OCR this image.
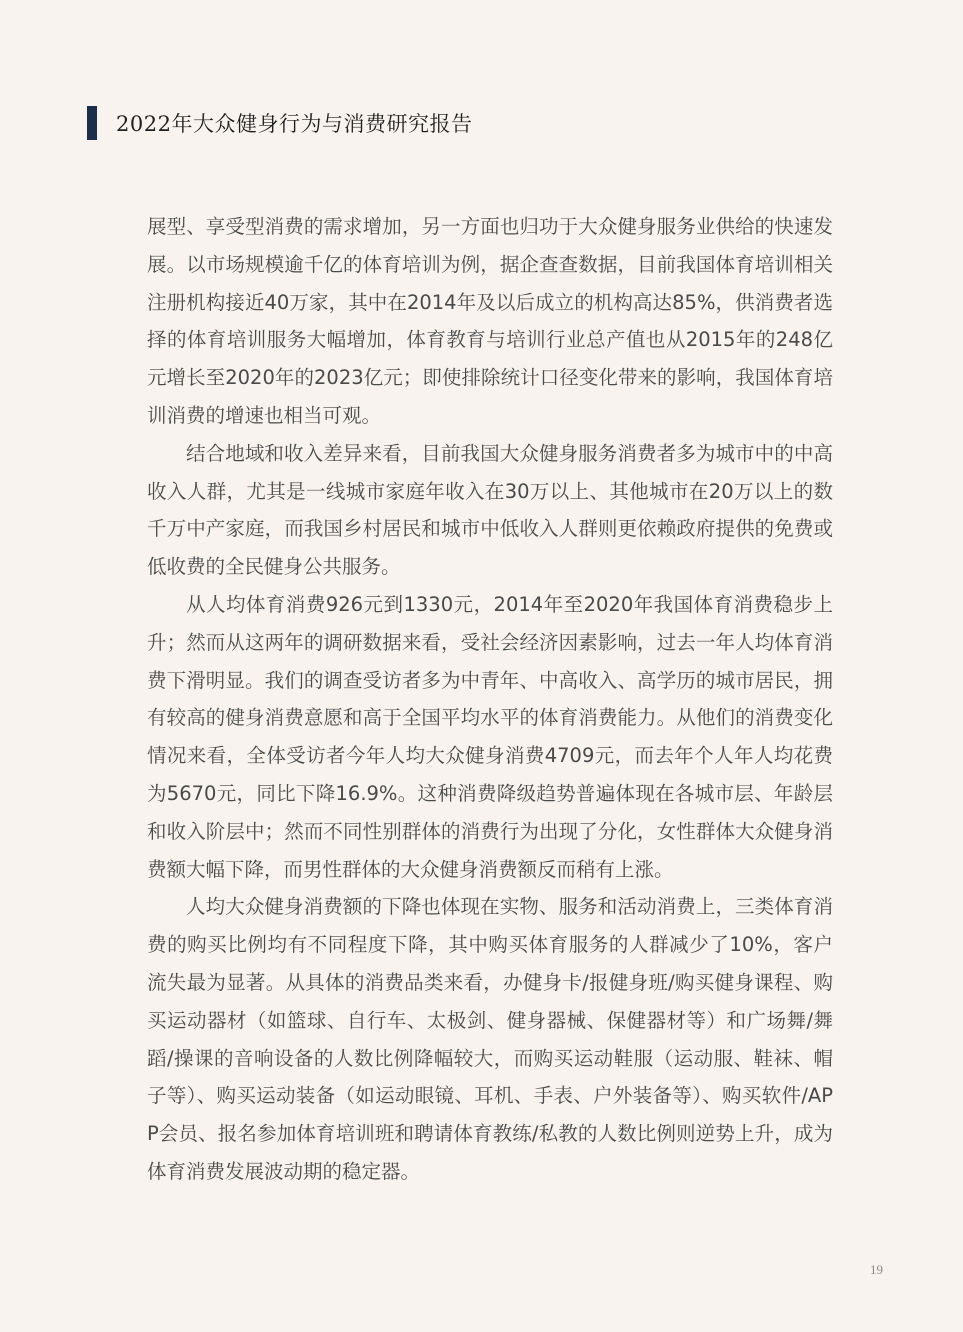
2022年大众健身行为与消费研究报告

展型、享受型消费的需求增加，另一方面也归功于大众健身服务业供给的快速发展。以市场规模逾千亿的体育培训为例，据企查查数据，目前我国体育培训相关注册机构接近40万家，其中在2014年及以后成立的机构高达85%，供消费者选择的体育培训服务大幅增加，体育教育与培训行业总产值也从2015年的248亿元增长至2020年的2023亿元；即使排除统计口径变化带来的影响，我国体育培训消费的增速也相当可观。

结合地域和收入差异来看，目前我国大众健身服务消费者多为城市中的中高收入人群，尤其是一线城市家庭年收入在30万以上、其他城市在20万以上的数千万中产家庭，而我国乡村居民和城市中低收入人群则更依赖政府提供的免费或低收费的全民健身公共服务。

从人均体育消费926元到1330元，2014年至2020年我国体育消费稳步上升；然而从这两年的调研数据来看，受社会经济因素影响，过去一年人均体育消费下滑明显。我们的调查受访者多为中青年、中高收入、高学历的城市居民，拥有较高的健身消费意愿和高于全国平均水平的体育消费能力。从他们的消费变化情况来看，全体受访者今年人均大众健身消费4709元，而去年个人年人均花费为5670元，同比下降16.9%。这种消费降级趋势普遍体现在各城市层、年龄层和收入阶层中；然而不同性别群体的消费行为出现了分化，女性群体大众健身消费额大幅下降，而男性群体的大众健身消费额反而稍有上涨。

人均大众健身消费额的下降也体现在实物、服务和活动消费上，三类体育消费的购买比例均有不同程度下降，其中购买体育服务的人群减少了10%，客户流失最为显著。从具体的消费品类来看，办健身卡/报健身班/购买健身课程、购买运动器材（如篮球、自行车、太极剑、健身器械、保健器材等）和广场舞/舞蹈/操课的音响设备的人数比例降幅较大，而购买运动鞋服（运动服、鞋袜、帽子等）、购买运动装备（如运动眼镜、耳机、手表、户外装备等）、购买软件/APP会员、报名参加体育培训班和聘请体育教练/私教的人数比例则逆势上升，成为体育消费发展波动期的稳定器。

19
